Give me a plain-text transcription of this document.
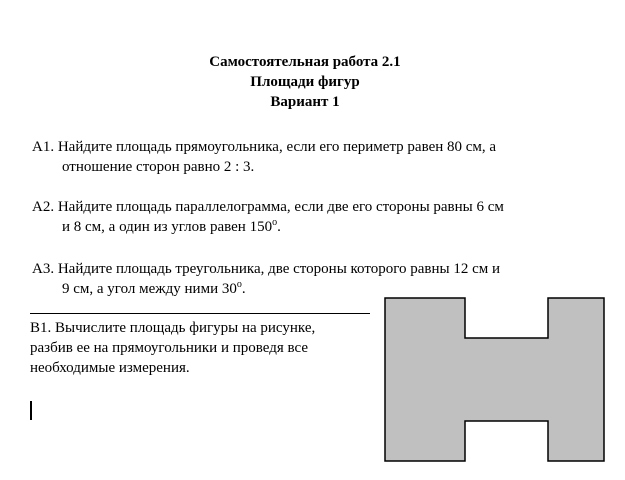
Самостоятельная работа 2.1
Площади фигур
Вариант 1
А1. Найдите площадь прямоугольника, если его периметр равен 80 см, а
отношение сторон равно 2 : 3.
А2. Найдите площадь параллелограмма, если две его стороны равны 6 см
и 8 см, а один из углов равен $150^о$.
А3. Найдите площадь треугольника, две стороны которого равны 12 см и
9 см, а угол между ними $30^о$.
В1. Вычислите площадь фигуры на рисунке,
разбив ее на прямоугольники и проведя все
необходимые измерения.
